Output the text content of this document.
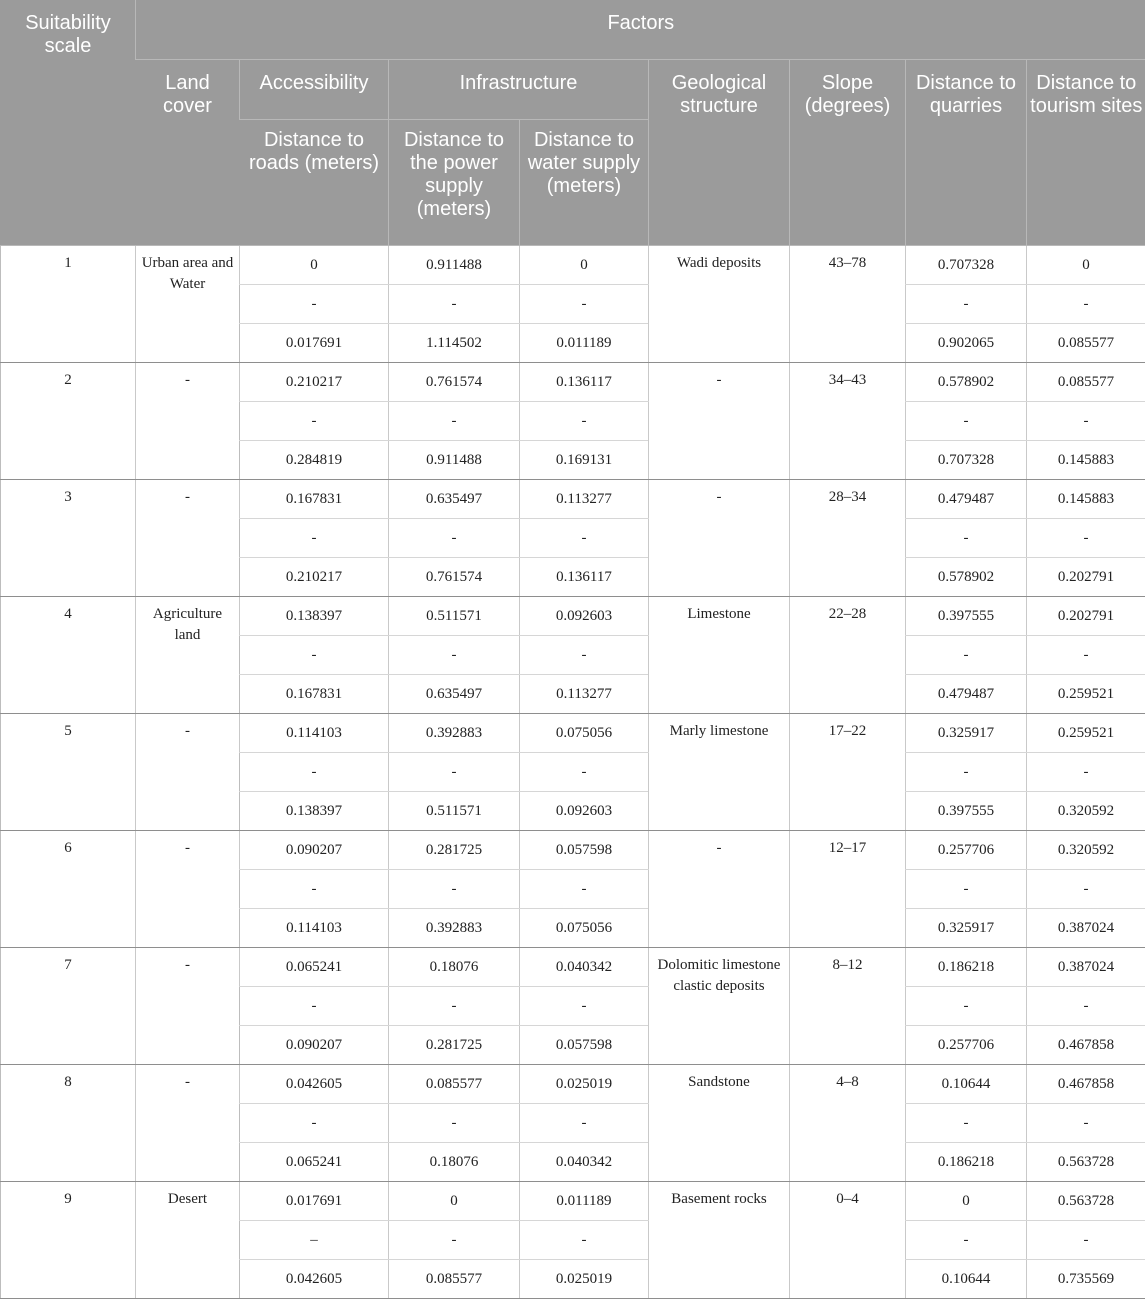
Suitability scale	Factors							
	Land cover	Accessibility	Infrastructure		Geological structure	Slope (degrees)	Distance to quarries	Distance to tourism sites
		Distance to roads (meters)	Distance to the power supply (meters)	Distance to water supply (meters)				
1	Urban area and Water	0	0.911488	0	Wadi deposits	43–78	0.707328	0
		-	-	-			-	-
		0.017691	1.114502	0.011189			0.902065	0.085577
2	-	0.210217	0.761574	0.136117	-	34–43	0.578902	0.085577
		-	-	-			-	-
		0.284819	0.911488	0.169131			0.707328	0.145883
3	-	0.167831	0.635497	0.113277	-	28–34	0.479487	0.145883
		-	-	-			-	-
		0.210217	0.761574	0.136117			0.578902	0.202791
4	Agriculture land	0.138397	0.511571	0.092603	Limestone	22–28	0.397555	0.202791
		-	-	-			-	-
		0.167831	0.635497	0.113277			0.479487	0.259521
5	-	0.114103	0.392883	0.075056	Marly limestone	17–22	0.325917	0.259521
		-	-	-			-	-
		0.138397	0.511571	0.092603			0.397555	0.320592
6	-	0.090207	0.281725	0.057598	-	12–17	0.257706	0.320592
		-	-	-			-	-
		0.114103	0.392883	0.075056			0.325917	0.387024
7	-	0.065241	0.18076	0.040342	Dolomitic limestone clastic deposits	8–12	0.186218	0.387024
		-	-	-			-	-
		0.090207	0.281725	0.057598			0.257706	0.467858
8	-	0.042605	0.085577	0.025019	Sandstone	4–8	0.10644	0.467858
		-	-	-			-	-
		0.065241	0.18076	0.040342			0.186218	0.563728
9	Desert	0.017691	0	0.011189	Basement rocks	0–4	0	0.563728
		–	-	-			-	-
		0.042605	0.085577	0.025019			0.10644	0.735569
